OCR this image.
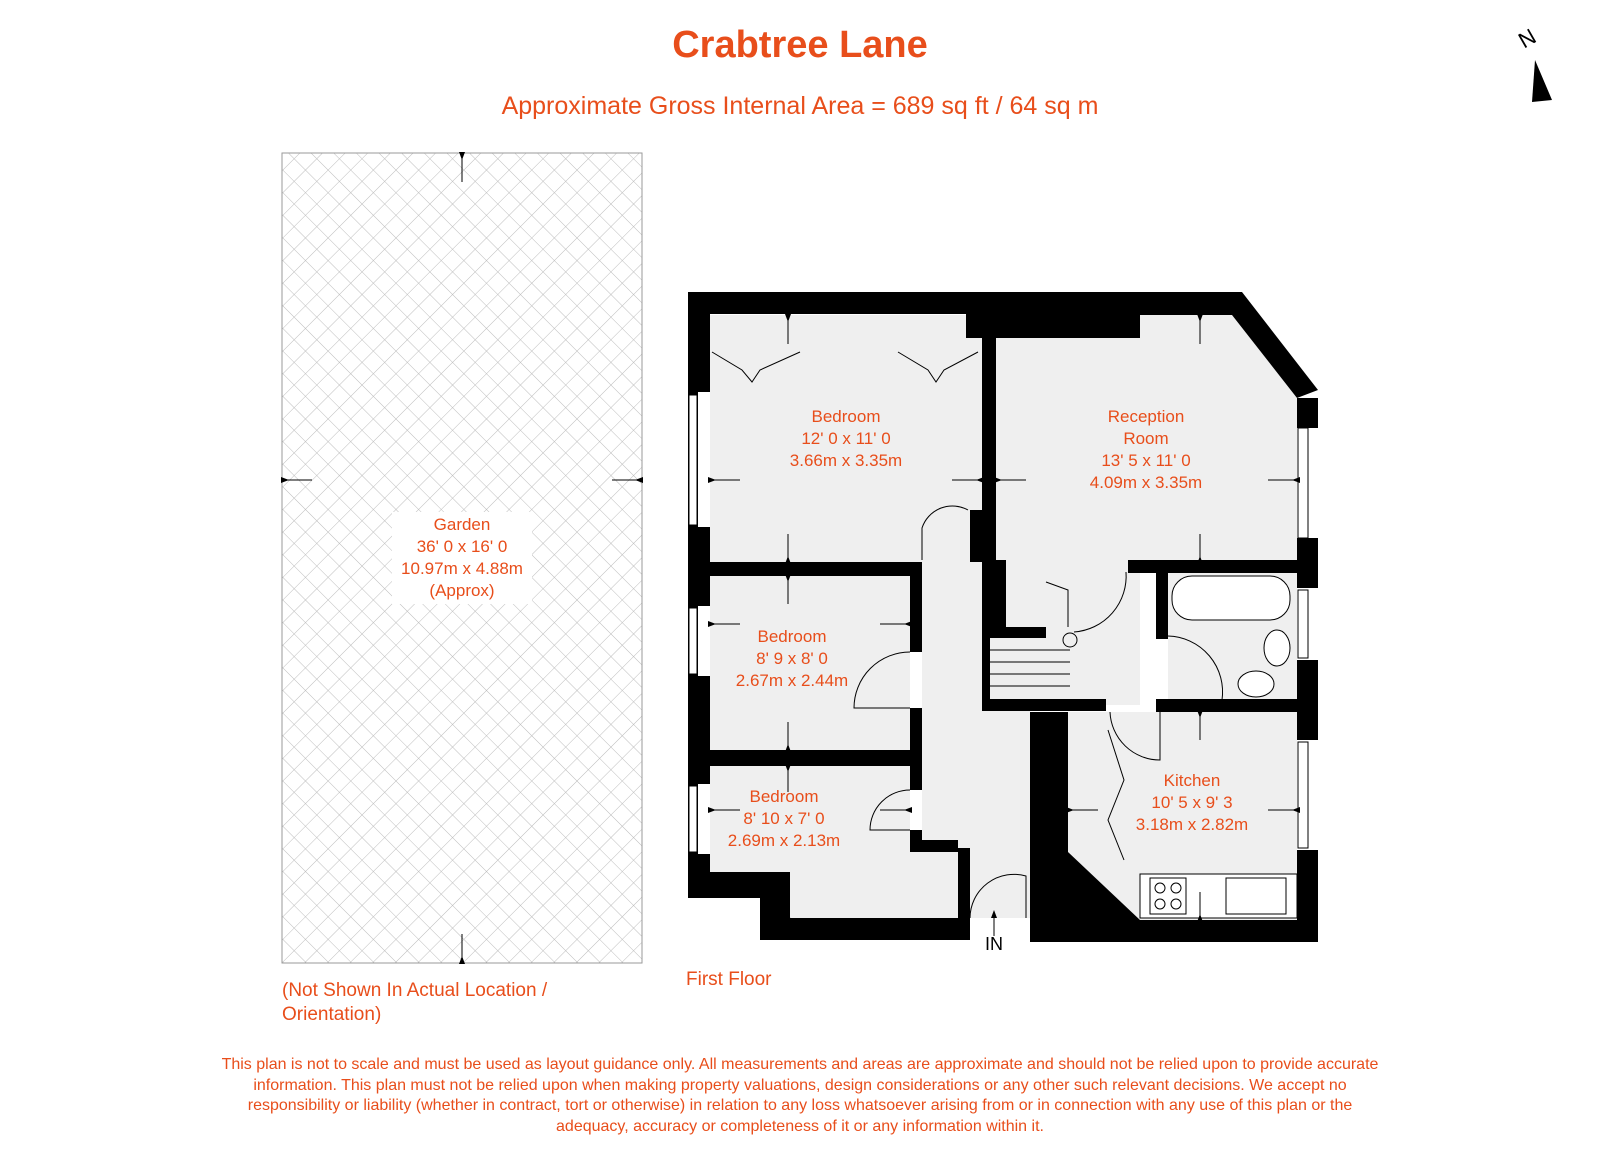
Crabtree Lane
Approximate Gross Internal Area = 689 sq ft / 64 sq m
N
Garden
36' 0 x 16' 0
10.97m x 4.88m
(Approx)
Bedroom
12' 0 x 11' 0
3.66m x 3.35m
Reception
Room
13' 5 x 11' 0
4.09m x 3.35m
Bedroom
8' 9 x 8' 0
2.67m x 2.44m
Bedroom
8' 10 x 7' 0
2.69m x 2.13m
Kitchen
10' 5 x 9' 3
3.18m x 2.82m
IN
(Not Shown In Actual Location /
Orientation)
First Floor
This plan is not to scale and must be used as layout guidance only. All measurements and areas are approximate and should not be relied upon to provide accurate information. This plan must not be relied upon when making property valuations, design considerations or any other such relevant decisions. We accept no responsibility or liability (whether in contract, tort or otherwise) in relation to any loss whatsoever arising from or in connection with any use of this plan or the adequacy, accuracy or completeness of it or any information within it.
